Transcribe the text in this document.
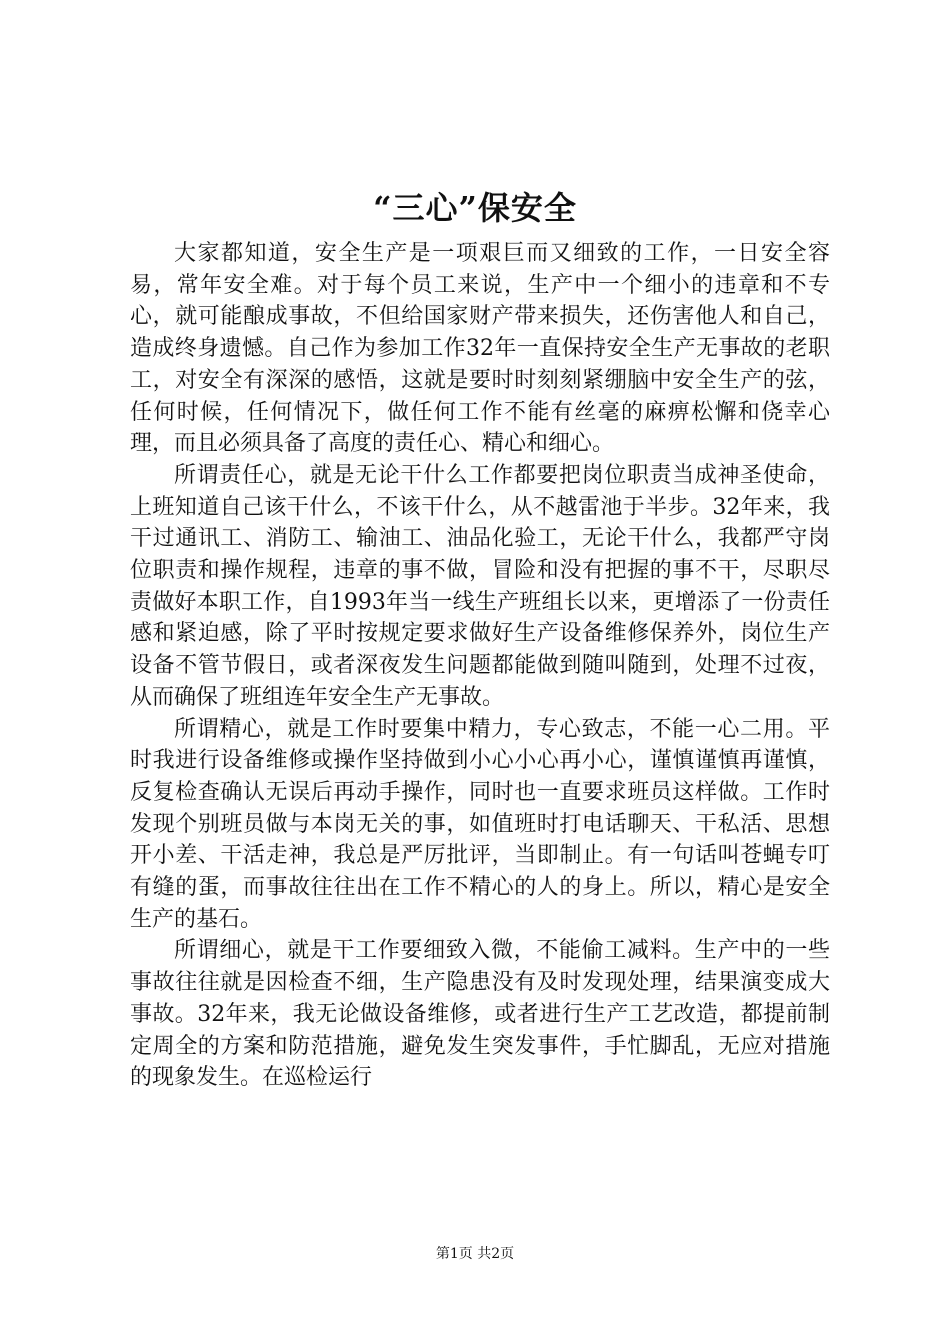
“三心”保安全

大家都知道，安全生产是一项艰巨而又细致的工作，一日安全容易，常年安全难。对于每个员工来说，生产中一个细小的违章和不专心，就可能酿成事故，不但给国家财产带来损失，还伤害他人和自己，造成终身遗憾。自己作为参加工作32年一直保持安全生产无事故的老职工，对安全有深深的感悟，这就是要时时刻刻紧绷脑中安全生产的弦，任何时候，任何情况下，做任何工作不能有丝毫的麻痹松懈和侥幸心理，而且必须具备了高度的责任心、精心和细心。

所谓责任心，就是无论干什么工作都要把岗位职责当成神圣使命，上班知道自己该干什么，不该干什么，从不越雷池于半步。32年来，我干过通讯工、消防工、输油工、油品化验工，无论干什么，我都严守岗位职责和操作规程，违章的事不做，冒险和没有把握的事不干，尽职尽责做好本职工作，自1993年当一线生产班组长以来，更增添了一份责任感和紧迫感，除了平时按规定要求做好生产设备维修保养外，岗位生产设备不管节假日，或者深夜发生问题都能做到随叫随到，处理不过夜，从而确保了班组连年安全生产无事故。

所谓精心，就是工作时要集中精力，专心致志，不能一心二用。平时我进行设备维修或操作坚持做到小心小心再小心，谨慎谨慎再谨慎，反复检查确认无误后再动手操作，同时也一直要求班员这样做。工作时发现个别班员做与本岗无关的事，如值班时打电话聊天、干私活、思想开小差、干活走神，我总是严厉批评，当即制止。有一句话叫苍蝇专叮有缝的蛋，而事故往往出在工作不精心的人的身上。所以，精心是安全生产的基石。

所谓细心，就是干工作要细致入微，不能偷工减料。生产中的一些事故往往就是因检查不细，生产隐患没有及时发现处理，结果演变成大事故。32年来，我无论做设备维修，或者进行生产工艺改造，都提前制定周全的方案和防范措施，避免发生突发事件，手忙脚乱，无应对措施的现象发生。在巡检运行

第1页 共2页
